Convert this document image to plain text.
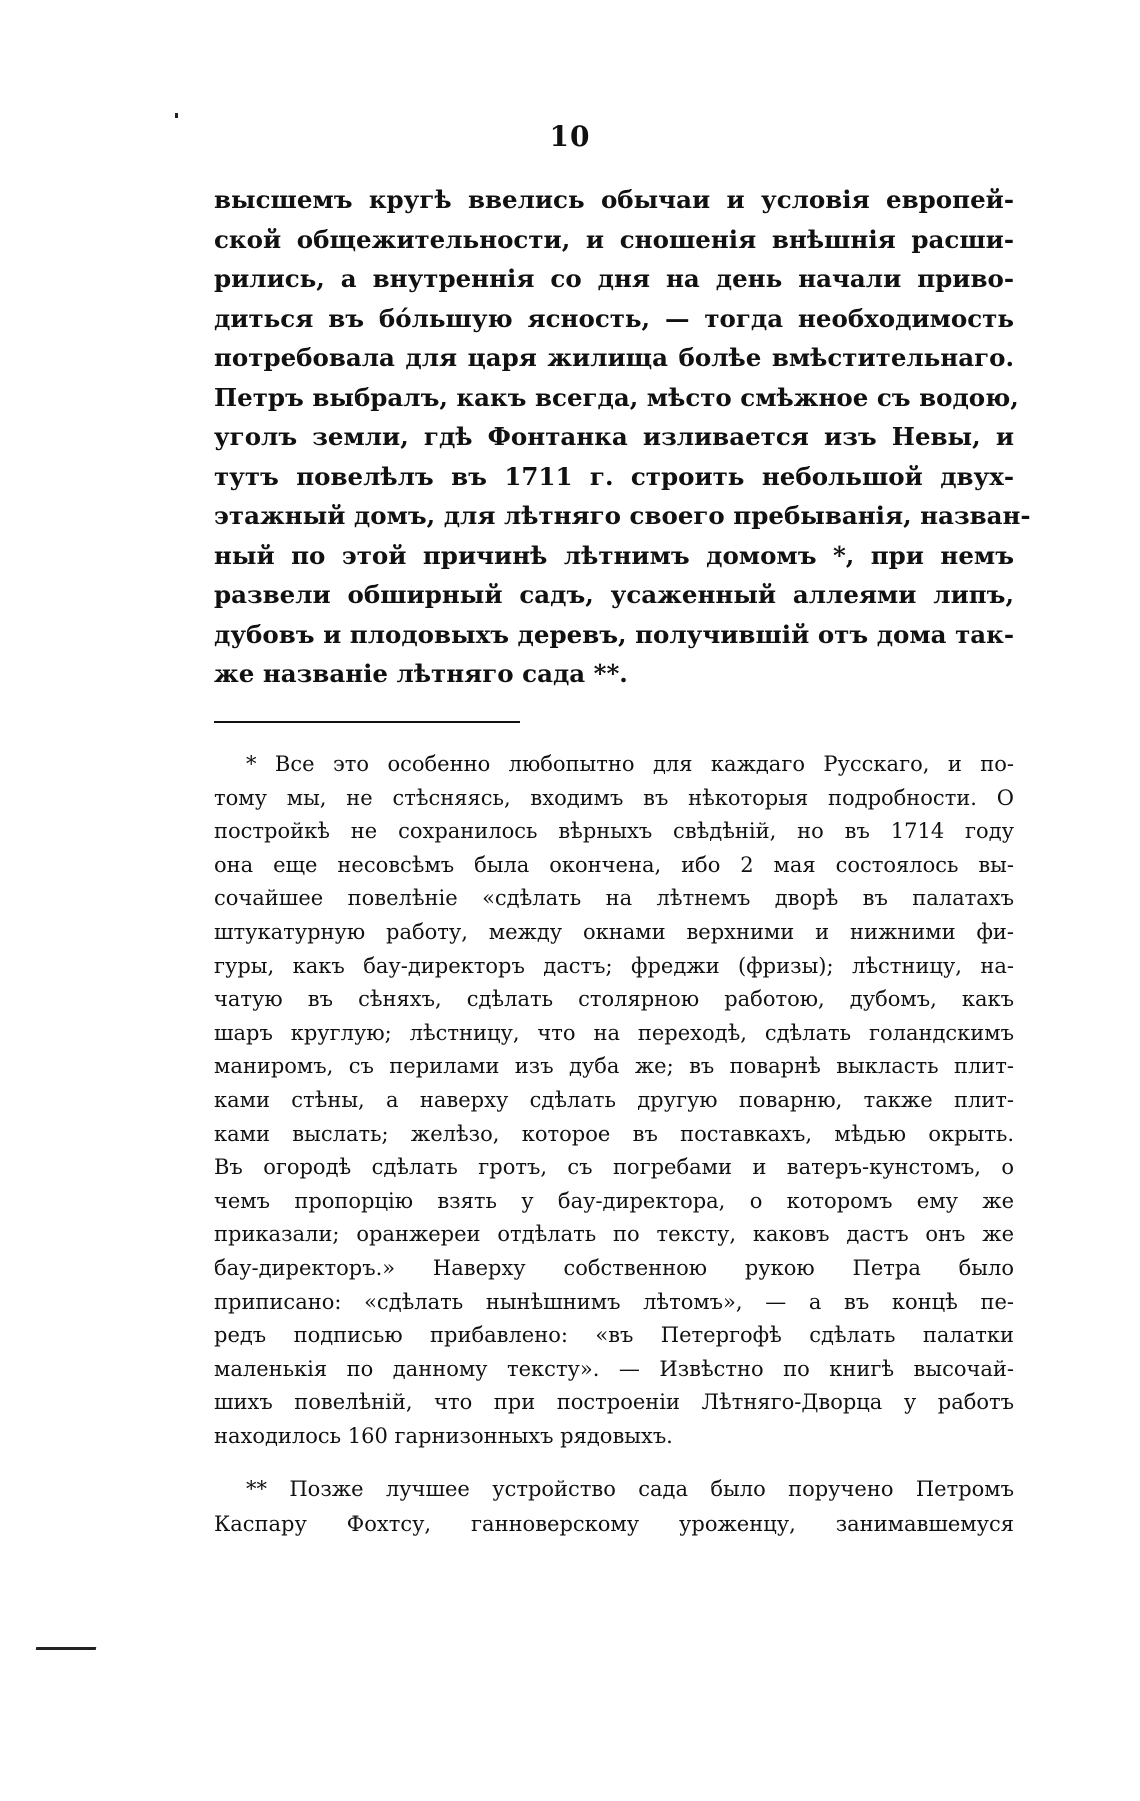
10
высшемъ кругѣ ввелись обычаи и условія европей-
ской общежительности, и сношенія внѣшнія расши-
рились, а внутреннія со дня на день начали приво-
диться въ бо́льшую ясность, — тогда необходимость
потребовала для царя жилища болѣе вмѣстительнаго.
Петръ выбралъ, какъ всегда, мѣсто смѣжное съ водою,
уголъ земли, гдѣ Фонтанка изливается изъ Невы, и
тутъ повелѣлъ въ 1711 г. строить небольшой двух-
этажный домъ, для лѣтняго своего пребыванія, назван-
ный по этой причинѣ лѣтнимъ домомъ *, при немъ
развели обширный садъ, усаженный аллеями липъ,
дубовъ и плодовыхъ деревъ, получившій отъ дома так-
же названіе лѣтняго сада **.
* Все это особенно любопытно для каждаго Русскаго, и по-
тому мы, не стѣсняясь, входимъ въ нѣкоторыя подробности. О
постройкѣ не сохранилось вѣрныхъ свѣдѣній, но въ 1714 году
она еще несовсѣмъ была окончена, ибо 2 мая состоялось вы-
сочайшее повелѣніе «сдѣлать на лѣтнемъ дворѣ въ палатахъ
штукатурную работу, между окнами верхними и нижними фи-
гуры, какъ бау-директоръ дастъ; фреджи (фризы); лѣстницу, на-
чатую въ сѣняхъ, сдѣлать столярною работою, дубомъ, какъ
шаръ круглую; лѣстницу, что на переходѣ, сдѣлать голандскимъ
маниромъ, съ перилами изъ дуба же; въ поварнѣ выкласть плит-
ками стѣны, а наверху сдѣлать другую поварню, также плит-
ками выслать; желѣзо, которое въ поставкахъ, мѣдью окрыть.
Въ огородѣ сдѣлать гротъ, съ погребами и ватеръ-кунстомъ, о
чемъ пропорцію взять у бау-директора, о которомъ ему же
приказали; оранжереи отдѣлать по тексту, каковъ дастъ онъ же
бау-директоръ.» Наверху собственною рукою Петра было
приписано: «сдѣлать нынѣшнимъ лѣтомъ», — а въ концѣ пе-
редъ подписью прибавлено: «въ Петергофѣ сдѣлать палатки
маленькія по данному тексту». — Извѣстно по книгѣ высочай-
шихъ повелѣній, что при построеніи Лѣтняго-Дворца у работъ
находилось 160 гарнизонныхъ рядовыхъ.
** Позже лучшее устройство сада было поручено Петромъ
Каспару Фохтсу, ганноверскому уроженцу, занимавшемуся
